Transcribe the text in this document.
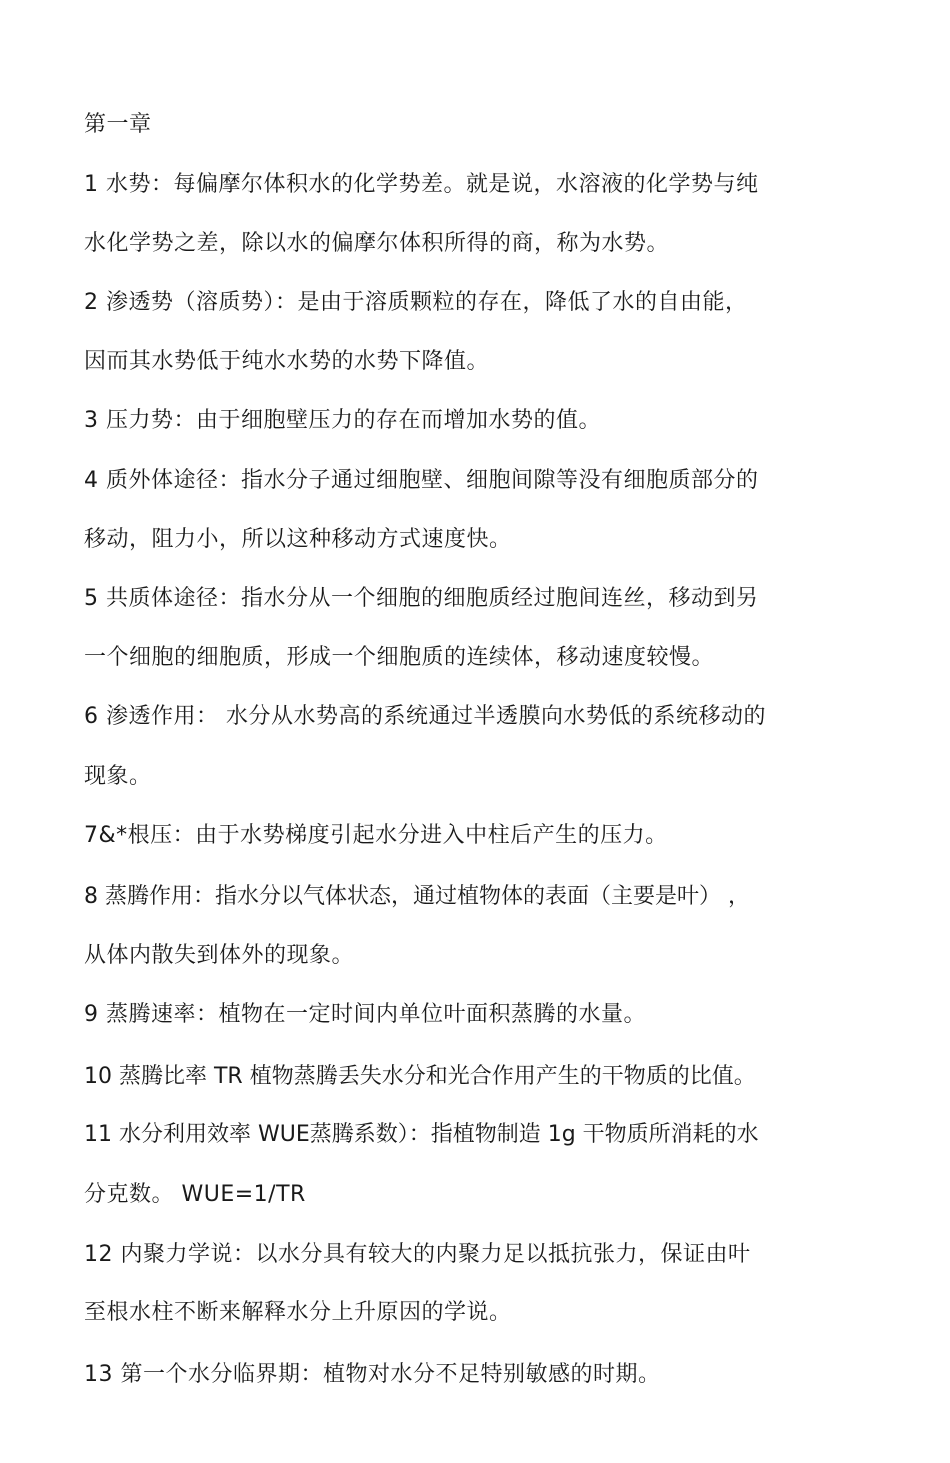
第一章
1 水势：每偏摩尔体积水的化学势差。就是说，水溶液的化学势与纯
水化学势之差，除以水的偏摩尔体积所得的商，称为水势。
2 渗透势（溶质势）：是由于溶质颗粒的存在，降低了水的自由能，
因而其水势低于纯水水势的水势下降值。
3 压力势：由于细胞壁压力的存在而增加水势的值。
4 质外体途径：指水分子通过细胞壁、细胞间隙等没有细胞质部分的
移动，阻力小，所以这种移动方式速度快。
5 共质体途径：指水分从一个细胞的细胞质经过胞间连丝，移动到另
一个细胞的细胞质，形成一个细胞质的连续体，移动速度较慢。
6 渗透作用： 水分从水势高的系统通过半透膜向水势低的系统移动的
现象。
7&*根压：由于水势梯度引起水分进入中柱后产生的压力。
8 蒸腾作用：指水分以气体状态，通过植物体的表面（主要是叶） ，
从体内散失到体外的现象。
9 蒸腾速率：植物在一定时间内单位叶面积蒸腾的水量。
10 蒸腾比率 TR 植物蒸腾丢失水分和光合作用产生的干物质的比值。
11 水分利用效率 WUE蒸腾系数）：指植物制造 1g 干物质所消耗的水
分克数。 WUE=1/TR
12 内聚力学说：以水分具有较大的内聚力足以抵抗张力，保证由叶
至根水柱不断来解释水分上升原因的学说。
13 第一个水分临界期：植物对水分不足特别敏感的时期。
